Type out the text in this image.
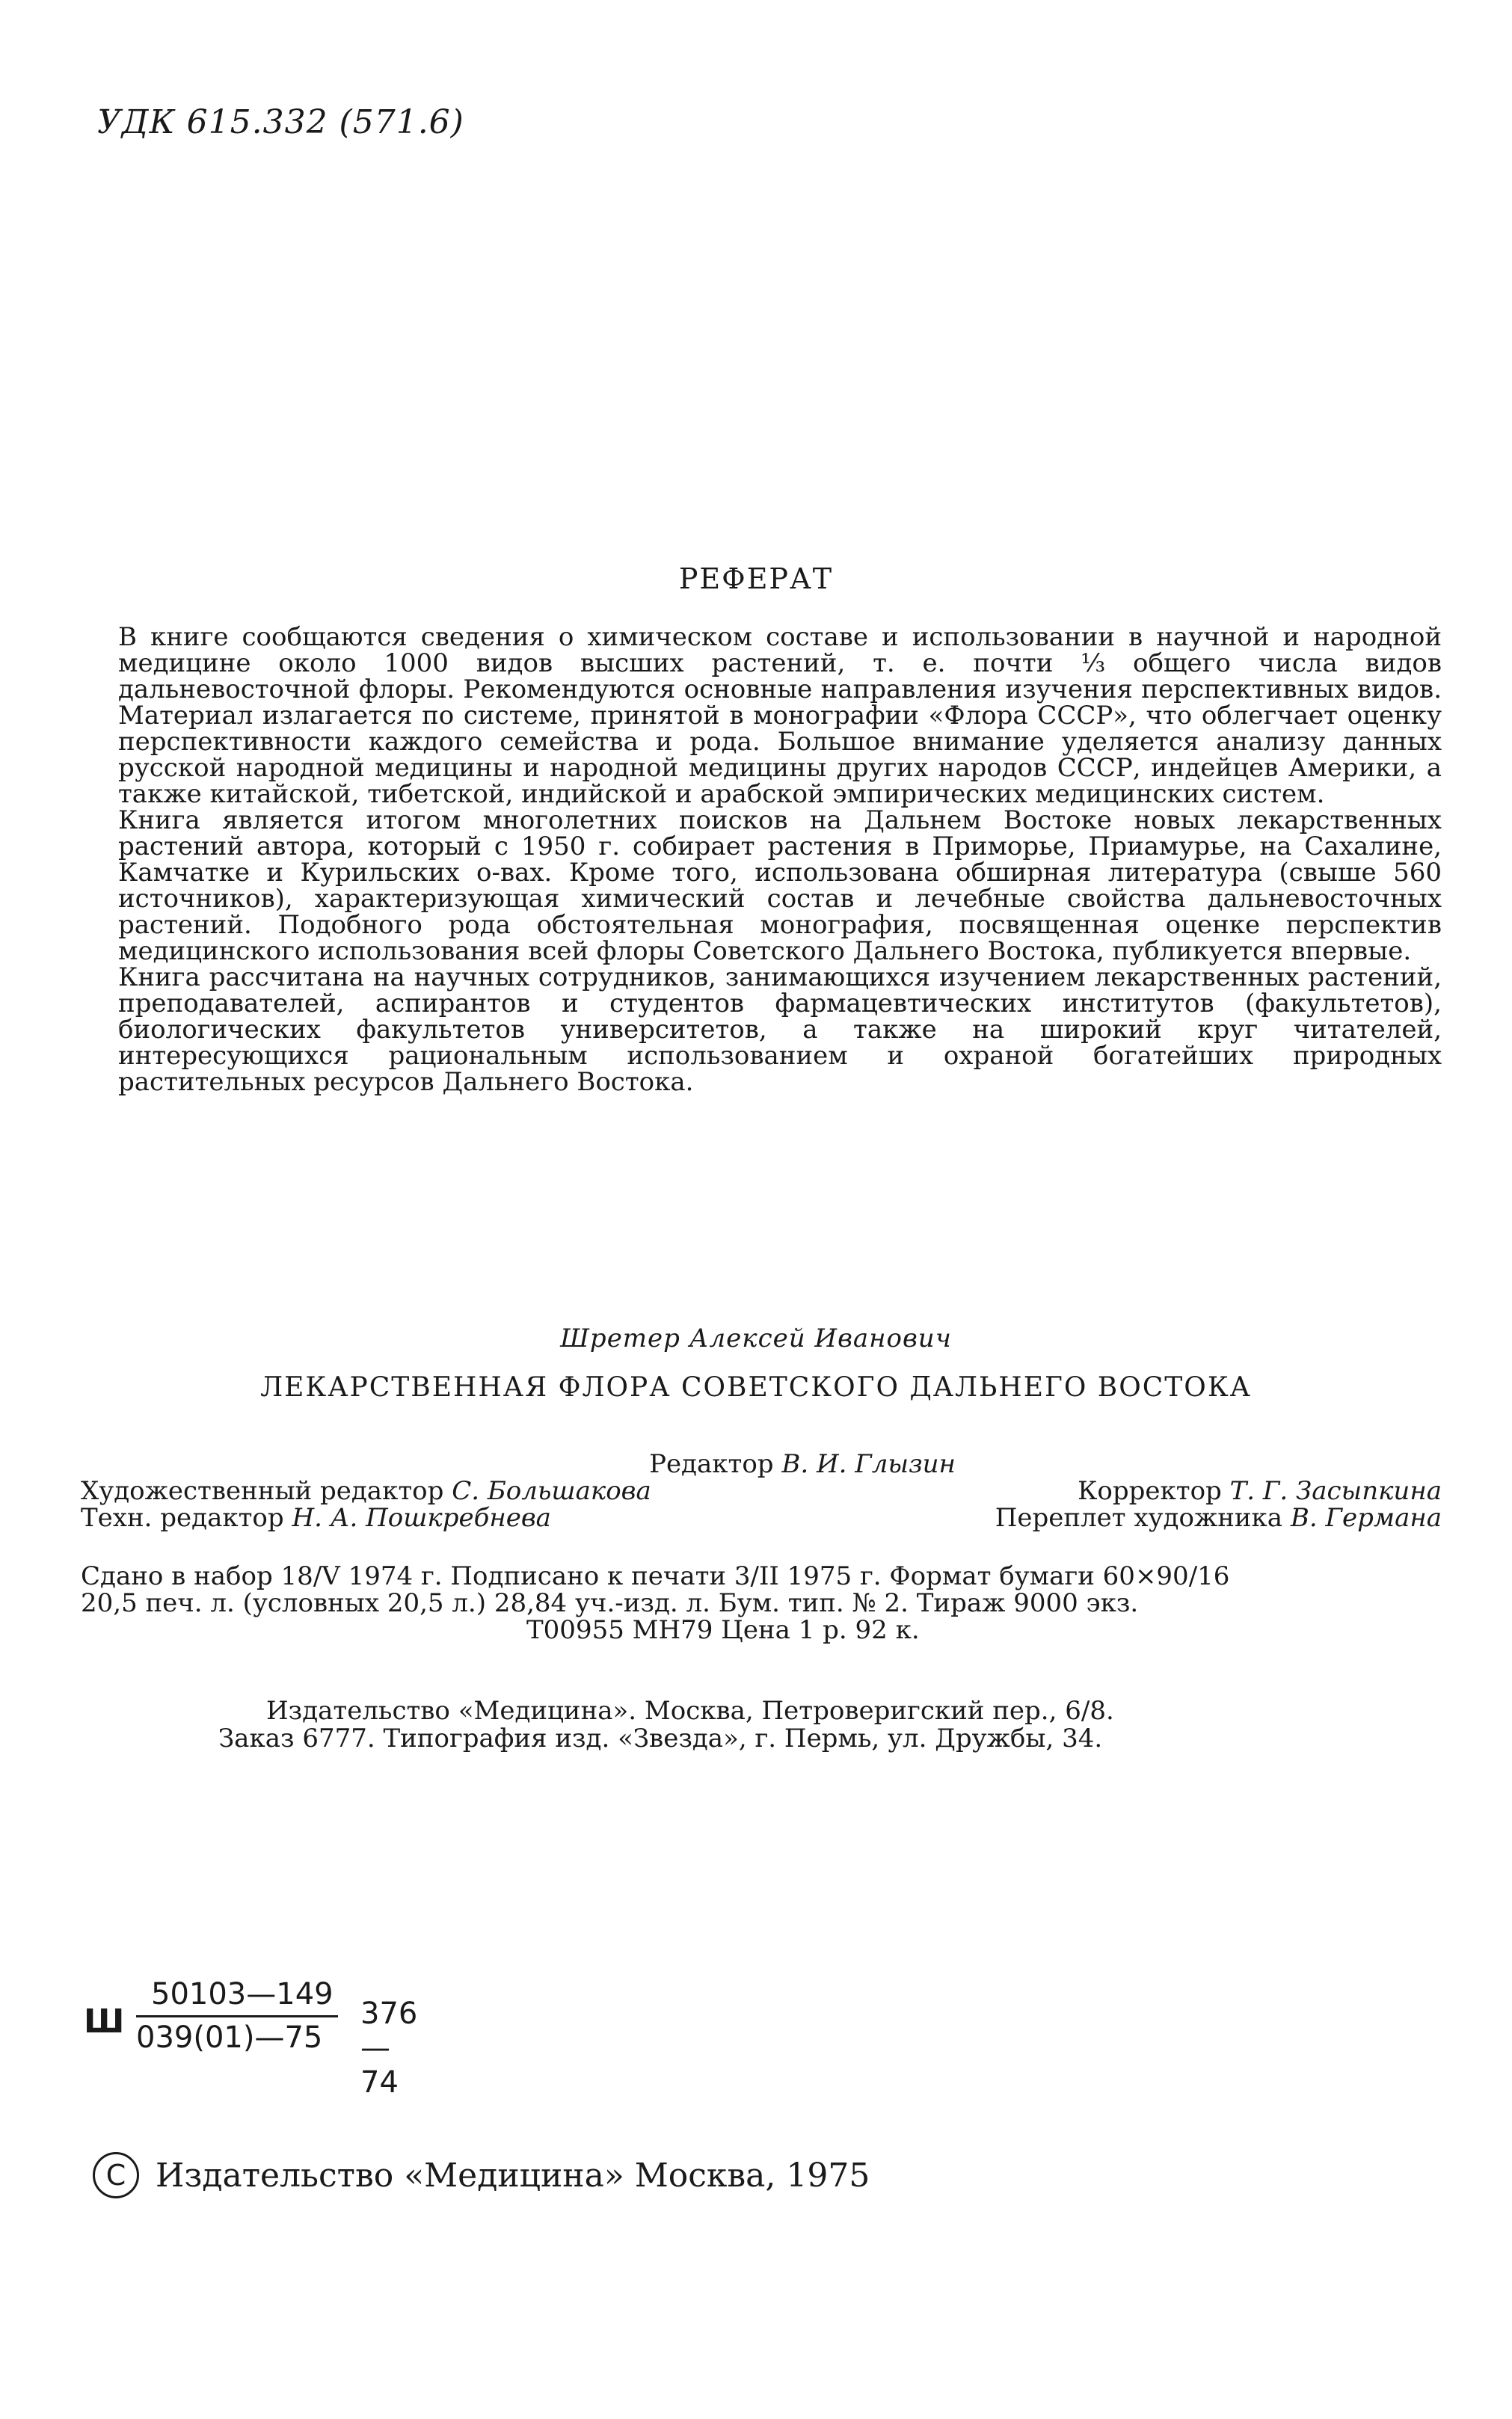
УДК 615.332 (571.6)
РЕФЕРАТ

В книге сообщаются сведения о химическом составе и использовании в научной и народной медицине около 1000 видов высших растений, т. е. почти ⅓ общего числа видов дальневосточной флоры. Рекомендуются основные направления изучения перспективных видов. Материал излагается по системе, принятой в монографии «Флора СССР», что облегчает оценку перспективности каждого семейства и рода. Большое внимание уделяется анализу данных русской народной медицины и народной медицины других народов СССР, индейцев Америки, а также китайской, тибетской, индийской и арабской эмпирических медицинских систем.

Книга является итогом многолетних поисков на Дальнем Востоке новых лекарственных растений автора, который с 1950 г. собирает растения в Приморье, Приамурье, на Сахалине, Камчатке и Курильских о-вах. Кроме того, использована обширная литература (свыше 560 источников), характеризующая химический состав и лечебные свойства дальневосточных растений. Подобного рода обстоятельная монография, посвященная оценке перспектив медицинского использования всей флоры Советского Дальнего Востока, публикуется впервые.

Книга рассчитана на научных сотрудников, занимающихся изучением лекарственных растений, преподавателей, аспирантов и студентов фармацевтических институтов (факультетов), биологических факультетов университетов, а также на широкий круг читателей, интересующихся рациональным использованием и охраной богатейших природных растительных ресурсов Дальнего Востока.

Шретер Алексей Иванович
ЛЕКАРСТВЕННАЯ ФЛОРА СОВЕТСКОГО ДАЛЬНЕГО ВОСТОКА
Редактор В. И. Глызин
Художественный редактор С. Большакова	Корректор Т. Г. Засыпкина
Техн. редактор Н. А. Пошкребнева	Переплет художника В. Германа
Сдано в набор 18/V 1974 г. Подписано к печати 3/II 1975 г. Формат бумаги 60×90/16
20,5 печ. л. (условных 20,5 л.) 28,84 уч.-изд. л. Бум. тип. № 2. Тираж 9000 экз.
Т00955 МН79 Цена 1 р. 92 к.
Издательство «Медицина». Москва, Петроверигский пер., 6/8.
Заказ 6777. Типография изд. «Звезда», г. Пермь, ул. Дружбы, 34.
Ш
50103—149
039(01)—75
376—74
C Издательство «Медицина» Москва, 1975
